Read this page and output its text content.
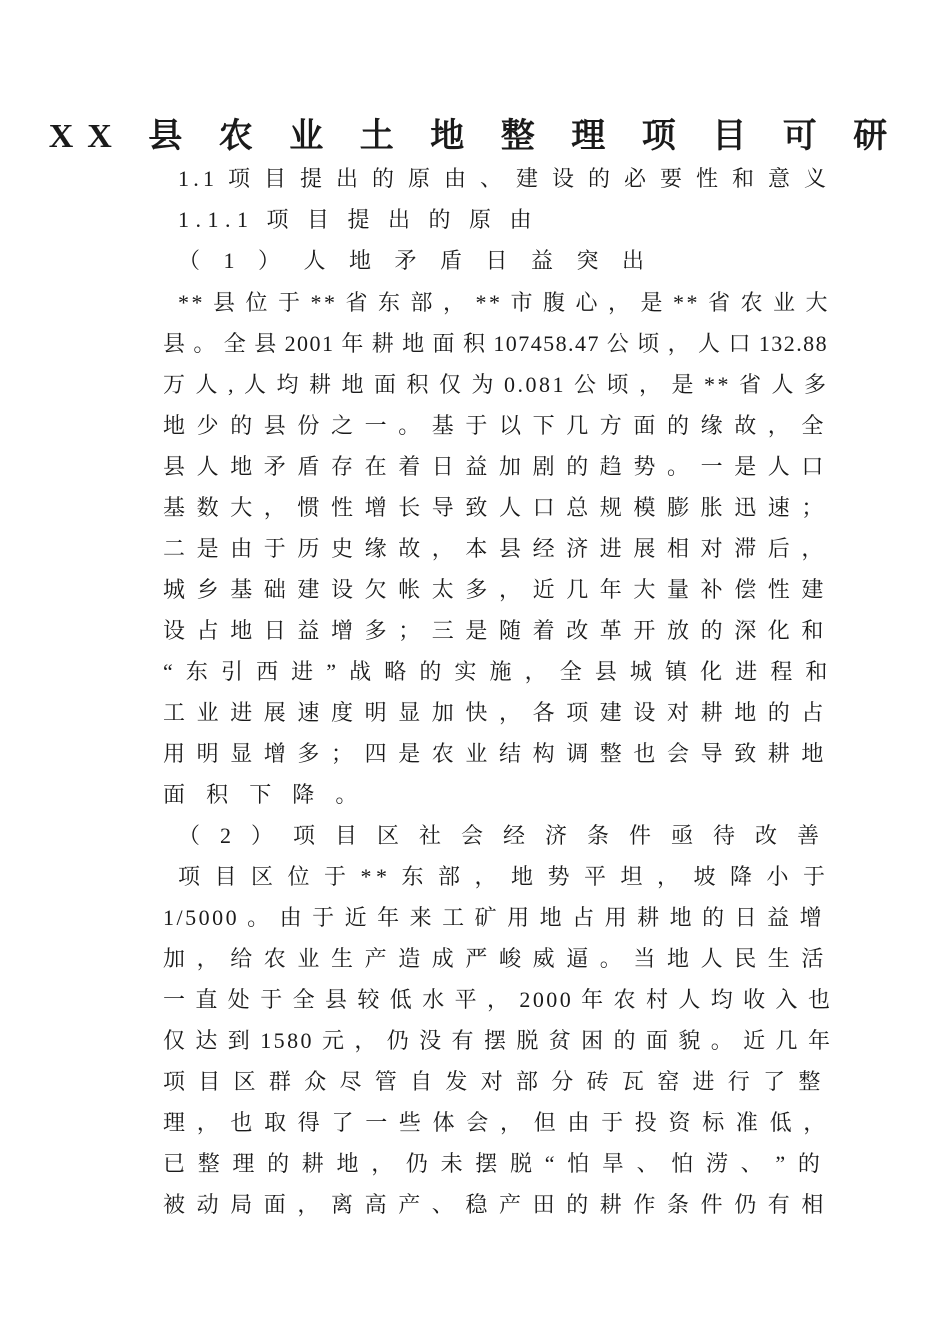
XX 县 农 业 土 地 整 理 项 目 可 研
1.1 项 目 提 出 的 原 由 、 建 设 的 必 要 性 和 意 义
1.1.1 项 目 提 出 的 原 由
（ 1 ） 人 地 矛 盾 日 益 突 出
** 县 位 于 ** 省 东 部 ， ** 市 腹 心 ， 是 ** 省 农 业 大
县 。 全 县 2001 年 耕 地 面 积 107458.47 公 顷 ， 人 口 132.88
万 人 , 人 均 耕 地 面 积 仅 为 0.081 公 顷 ， 是 ** 省 人 多
地 少 的 县 份 之 一 。 基 于 以 下 几 方 面 的 缘 故 ， 全
县 人 地 矛 盾 存 在 着 日 益 加 剧 的 趋 势 。 一 是 人 口
基 数 大 ， 惯 性 增 长 导 致 人 口 总 规 模 膨 胀 迅 速 ；
二 是 由 于 历 史 缘 故 ， 本 县 经 济 进 展 相 对 滞 后 ，
城 乡 基 础 建 设 欠 帐 太 多 ， 近 几 年 大 量 补 偿 性 建
设 占 地 日 益 增 多 ； 三 是 随 着 改 革 开 放 的 深 化 和
“ 东 引 西 进 ” 战 略 的 实 施 ， 全 县 城 镇 化 进 程 和
工 业 进 展 速 度 明 显 加 快 ， 各 项 建 设 对 耕 地 的 占
用 明 显 增 多 ； 四 是 农 业 结 构 调 整 也 会 导 致 耕 地
面 积 下 降 。
（ 2 ） 项 目 区 社 会 经 济 条 件 亟 待 改 善
项 目 区 位 于 ** 东 部 ， 地 势 平 坦 ， 坡 降 小 于
1/5000 。 由 于 近 年 来 工 矿 用 地 占 用 耕 地 的 日 益 增
加 ， 给 农 业 生 产 造 成 严 峻 威 逼 。 当 地 人 民 生 活
一 直 处 于 全 县 较 低 水 平 ， 2000 年 农 村 人 均 收 入 也
仅 达 到 1580 元 ， 仍 没 有 摆 脱 贫 困 的 面 貌 。 近 几 年
项 目 区 群 众 尽 管 自 发 对 部 分 砖 瓦 窑 进 行 了 整
理 ， 也 取 得 了 一 些 体 会 ， 但 由 于 投 资 标 准 低 ，
已 整 理 的 耕 地 ， 仍 未 摆 脱 “ 怕 旱 、 怕 涝 、 ” 的
被 动 局 面 ， 离 高 产 、 稳 产 田 的 耕 作 条 件 仍 有 相
